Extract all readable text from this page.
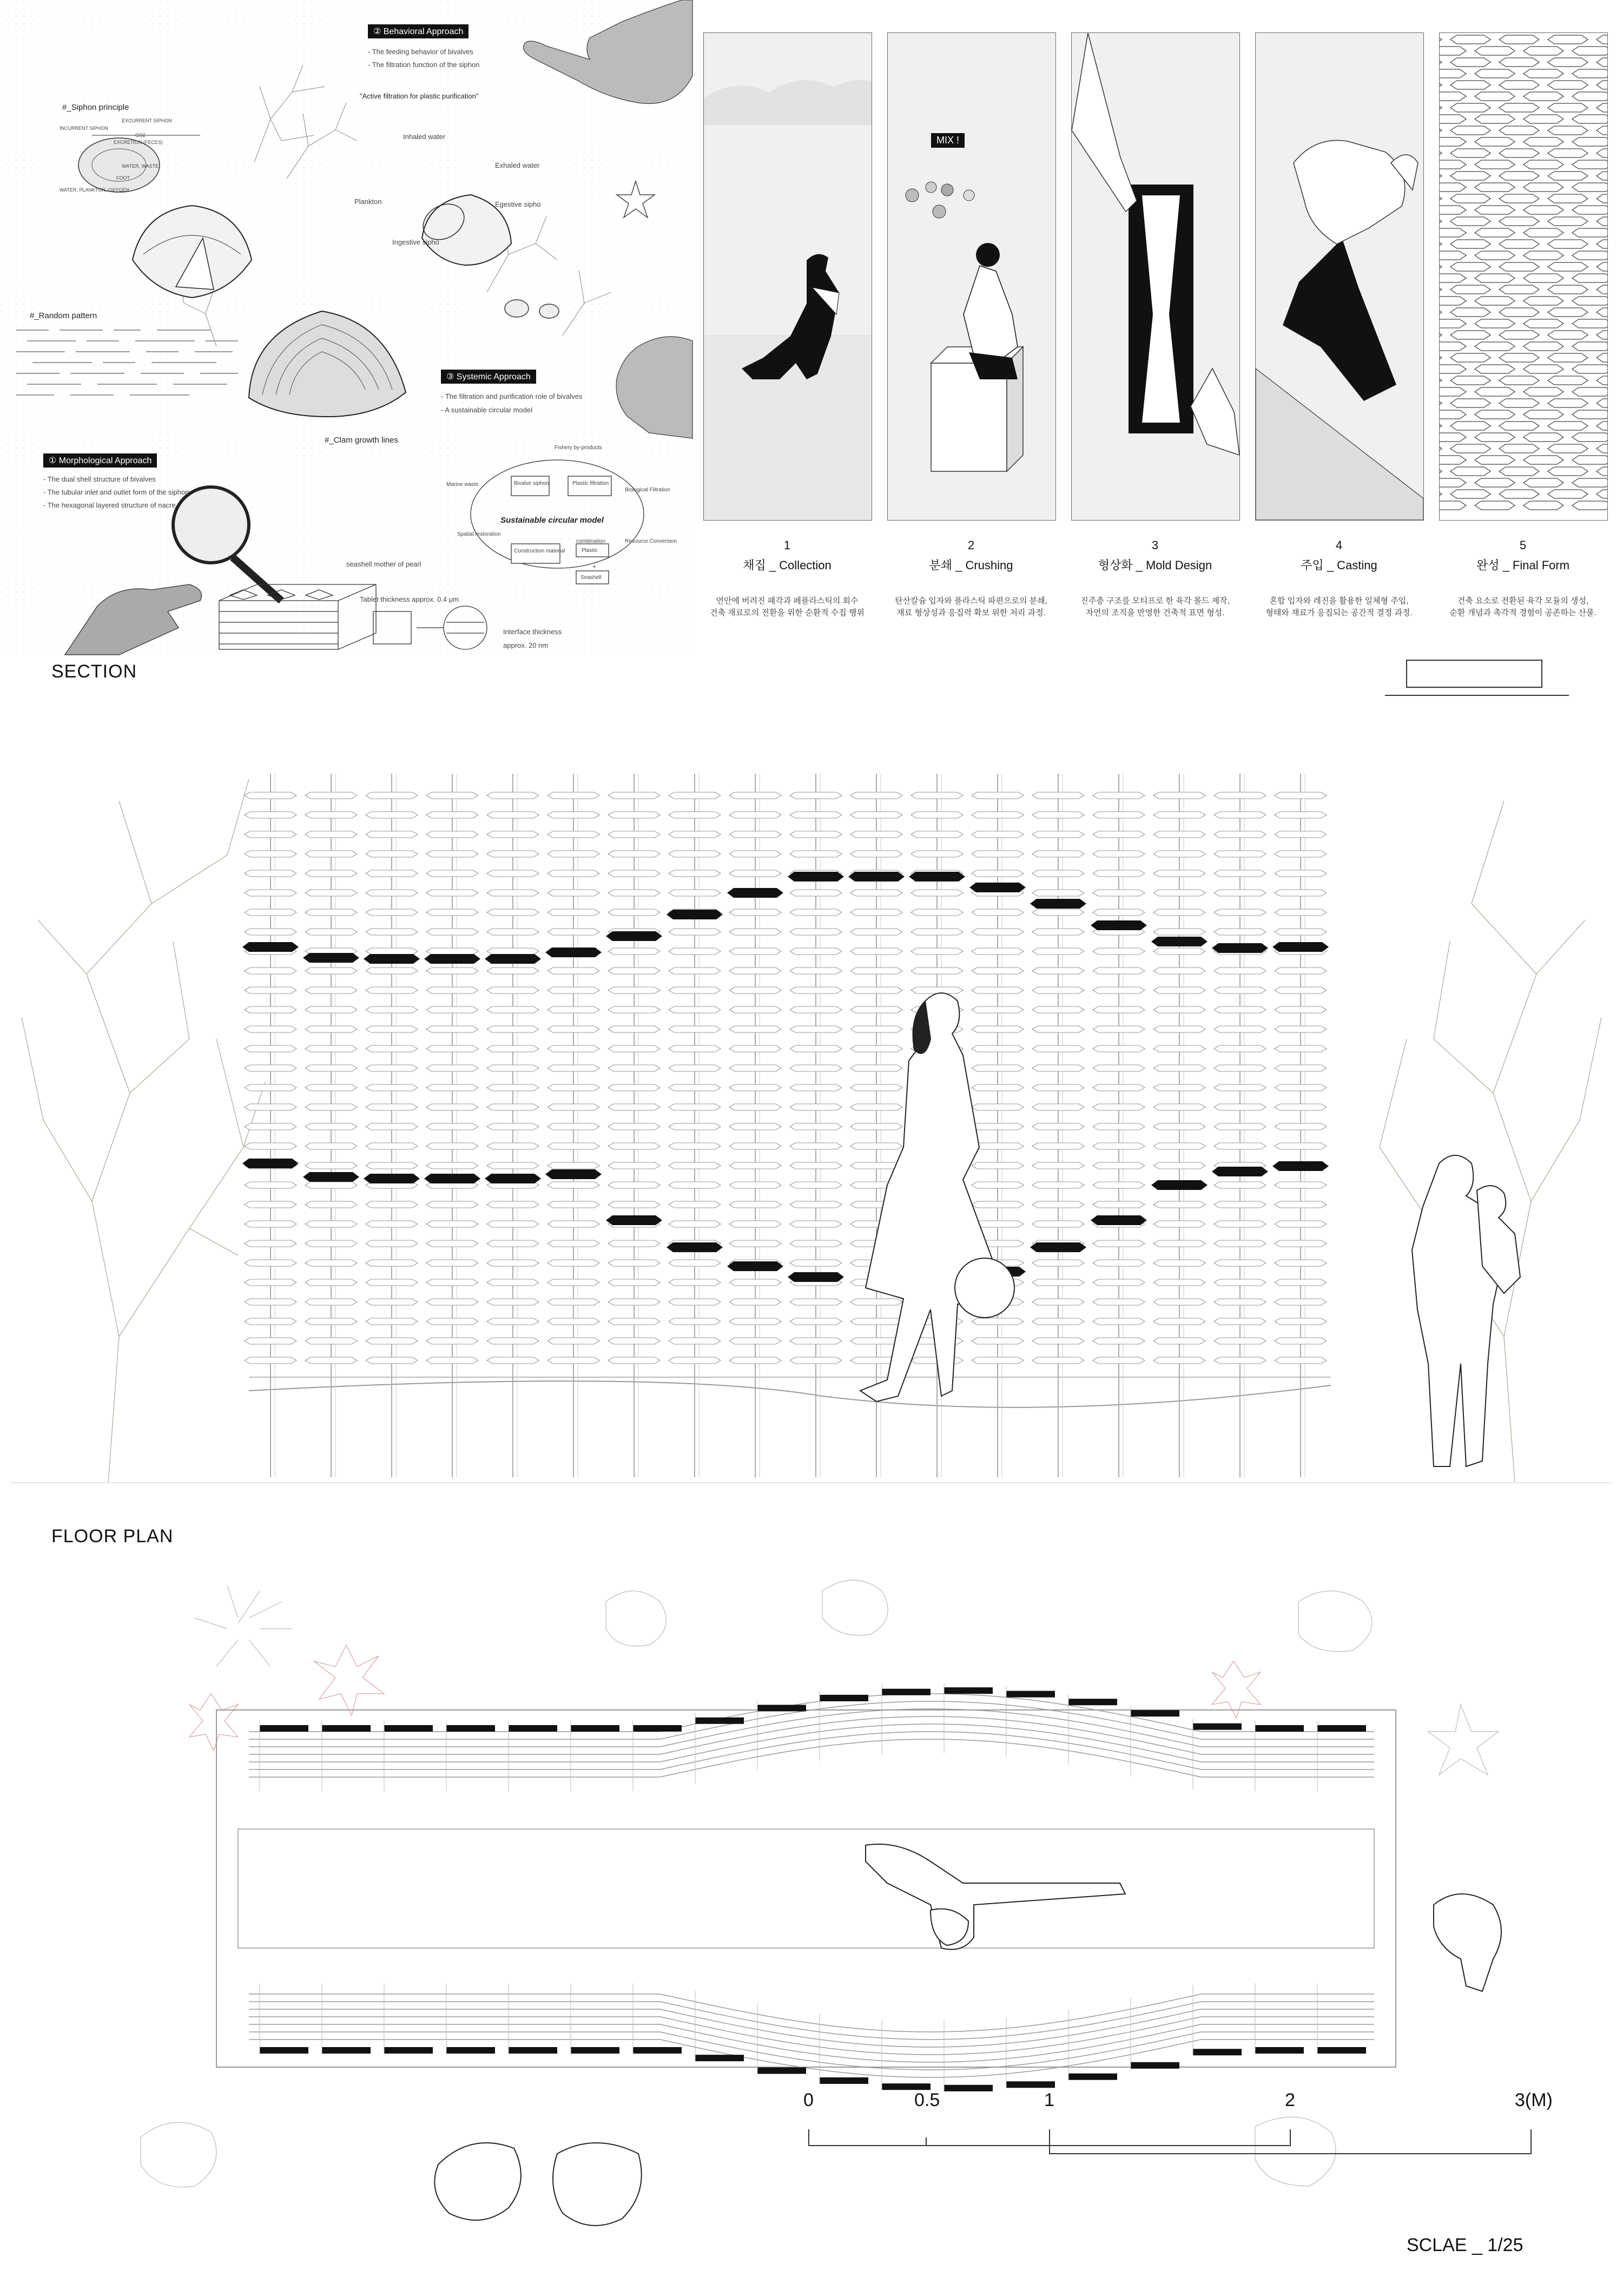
#_Siphon principle
INCURRENT SIPHON
EXCURRENT SIPHON
CO2
EXCRETION (FECES)
WATER, WASTE
FOOT
WATER, PLANKTON, OXYGEN
#_Random pattern
#_Clam growth lines
② Behavioral Approach
- The feeding behavior of bivalves
- The filtration function of the siphon
"Active filtration for plastic purification"
Inhaled water
Exhaled water
Plankton	Egestive sipho
Ingestive sipho
③ Systemic Approach
- The filtration and purification role of bivalves
- A sustainable circular model
Sustainable circular model
Bivalve siphon	Plastic filtration
Construction material	Plastic
Seashell
Fishery by-products
Biological Filtration
Resource Conversion
Marine waste
Spatial restoration
combination
+
① Morphological Approach
- The dual shell structure of bivalves
- The tubular inlet and outlet form of the siphon
- The hexagonal layered structure of nacre
seashell mother of pearl
Tablet thickness approx. 0.4 μm
Interface thickness
approx. 20 nm
MIX !
1
채집 _ Collection
연안에 버려진 패각과 페플라스틱의 회수
건축 재료로의 전환을 위한 순환적 수집 행위
2
분쇄 _ Crushing
탄산칼슘 입자와 플라스틱 파편으로의 분쇄,
재료 형상성과 응집력 확보 위한 처리 과정.
3
형상화 _ Mold Design
진주층 구조를 모티프로 한 육각 몰드 제작,
자연의 조직을 반영한 건축적 표면 형성.
4
주입 _ Casting
혼합 입자와 레진을 활용한 일체형 주입,
형태와 재료가 응집되는 공간적 결정 과정.
5
완성 _ Final Form
건축 요소로 전환된 육각 모듈의 생성,
순환 개념과 촉각적 경험이 공존하는 산물.
SECTION
FLOOR PLAN
0	0.5	1	2	3(M)
SCLAE _ 1/25
